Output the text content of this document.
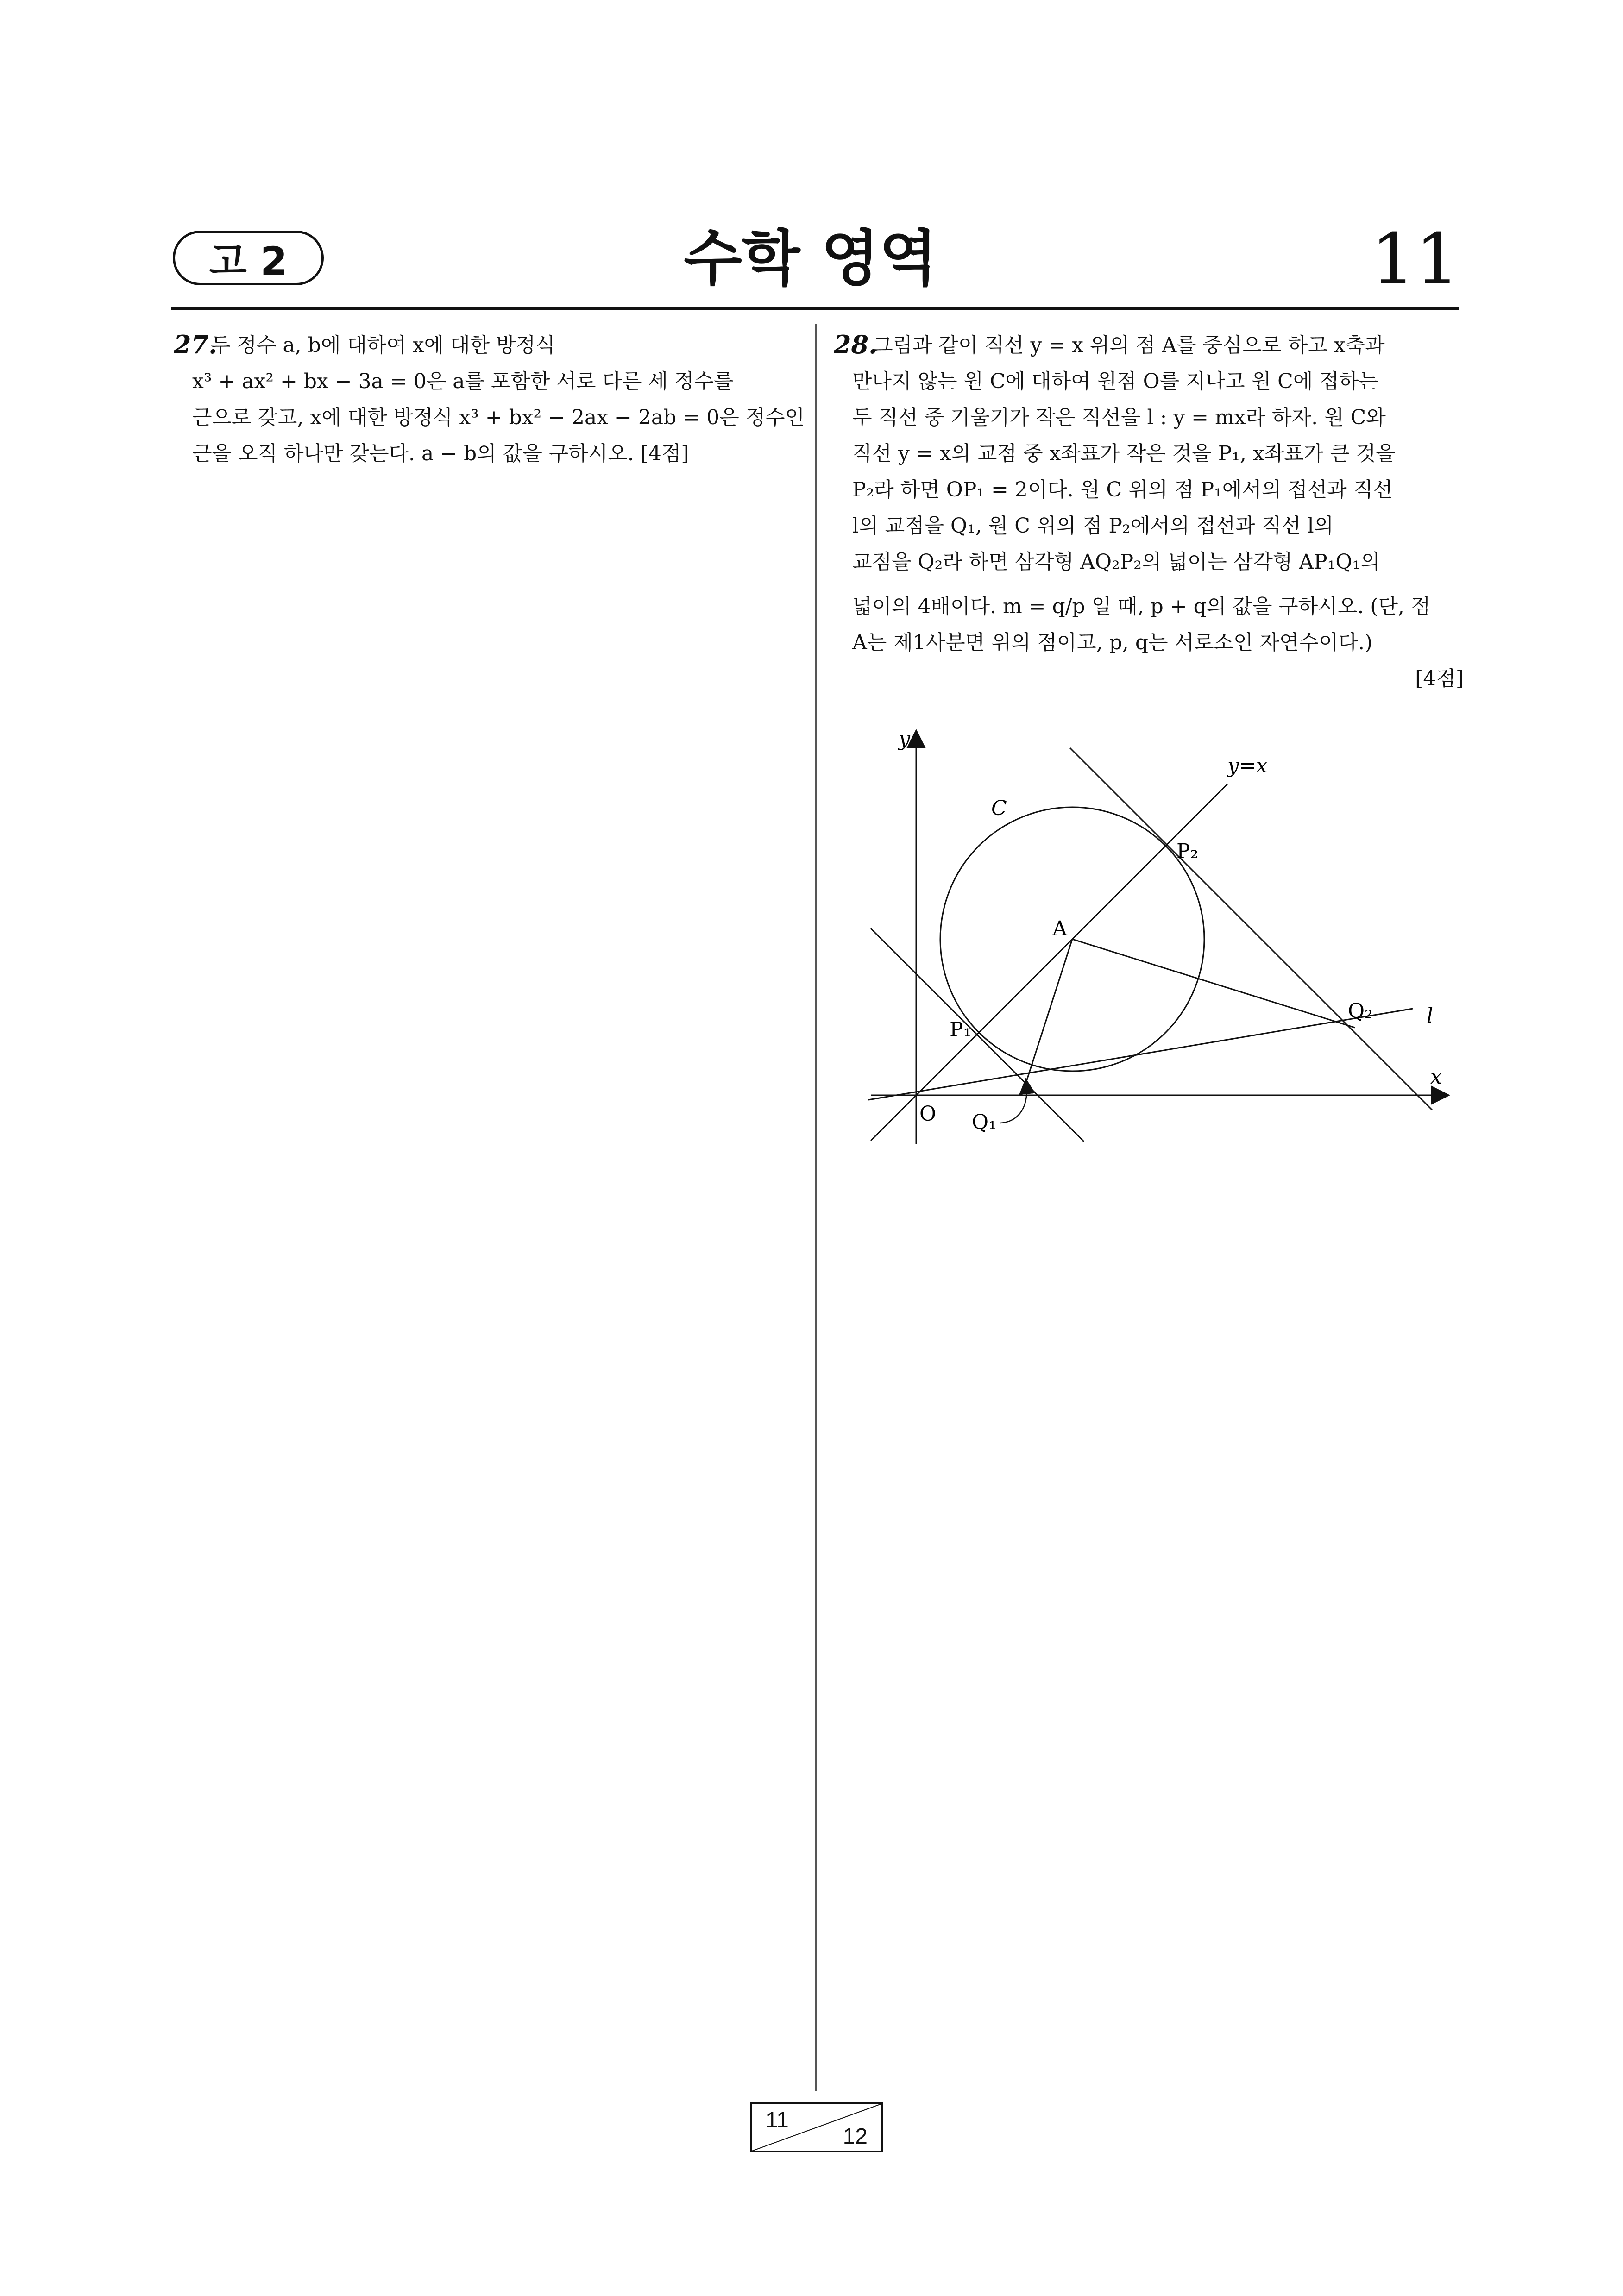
고 2	수학 영역	11
27.
두 정수 a, b에 대하여 x에 대한 방정식
x³ + ax² + bx − 3a = 0은 a를 포함한 서로 다른 세 정수를
근으로 갖고, x에 대한 방정식 x³ + bx² − 2ax − 2ab = 0은 정수인
근을 오직 하나만 갖는다. a − b의 값을 구하시오. [4점]
28.
그림과 같이 직선 y = x 위의 점 A를 중심으로 하고 x축과
만나지 않는 원 C에 대하여 원점 O를 지나고 원 C에 접하는
두 직선 중 기울기가 작은 직선을 l : y = mx라 하자. 원 C와
직선 y = x의 교점 중 x좌표가 작은 것을 P₁, x좌표가 큰 것을
P₂라 하면 OP₁ = 2이다. 원 C 위의 점 P₁에서의 접선과 직선
l의 교점을 Q₁, 원 C 위의 점 P₂에서의 접선과 직선 l의
교점을 Q₂라 하면 삼각형 AQ₂P₂의 넓이는 삼각형 AP₁Q₁의
넓이의 4배이다. m = q/p 일 때, p + q의 값을 구하시오. (단, 점
A는 제1사분면 위의 점이고, p, q는 서로소인 자연수이다.)
[4점]
y
x
y=x
C
O
A
P₁
P₂
Q₁
Q₂	l
11
12
